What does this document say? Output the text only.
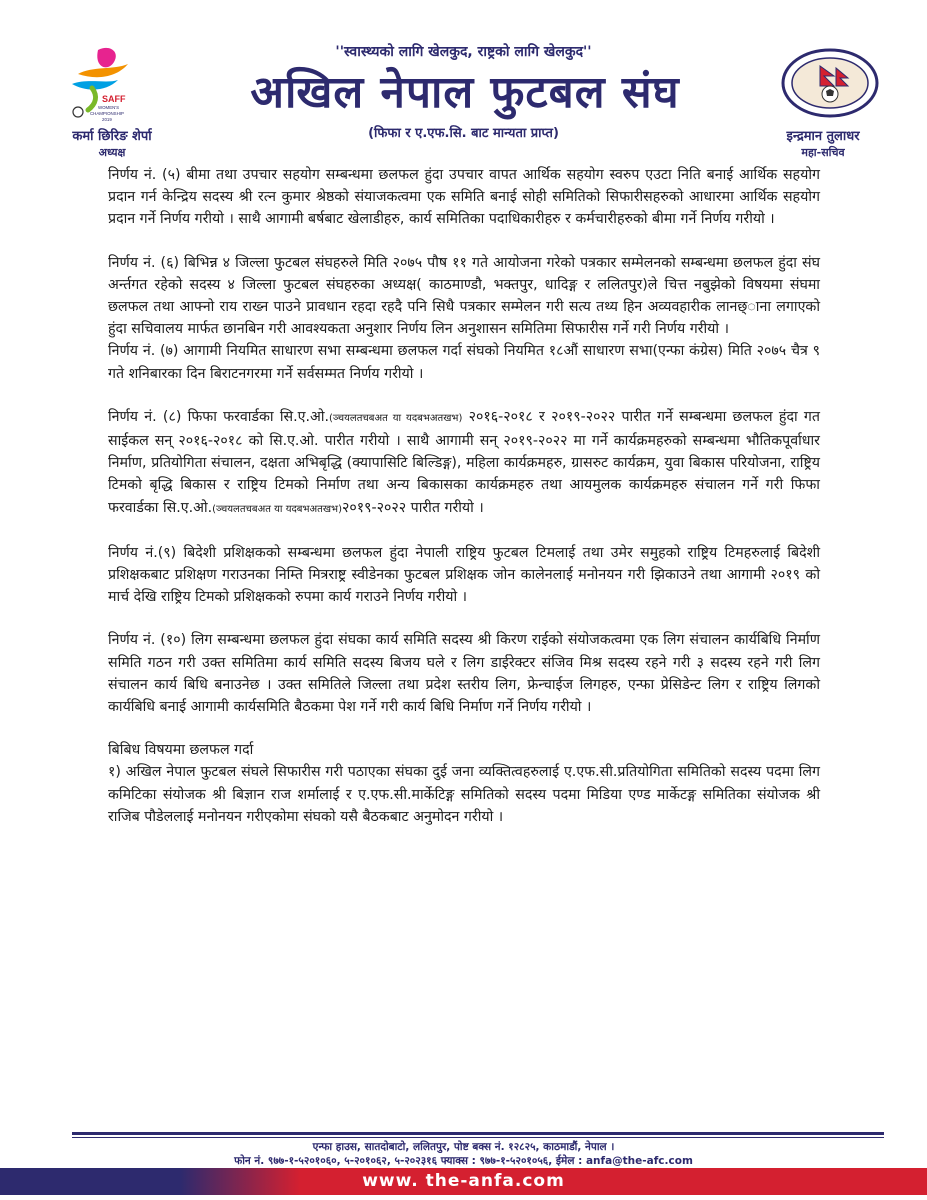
SAFF
WOMEN'S
CHAMPIONSHIP
2019
''स्वास्थ्यको लागि खेलकुद, राष्ट्रको लागि खेलकुद''
अखिल नेपाल फुटबल संघ
(फिफा र ए.एफ.सि. बाट मान्यता प्राप्त)
कर्मा छिरिङ शेर्पा
अध्यक्ष
इन्द्रमान तुलाधर
महा-सचिव

निर्णय नं. (५) बीमा तथा उपचार सहयोग सम्बन्धमा छलफल हुंदा उपचार वापत आर्थिक सहयोग स्वरुप एउटा निति बनाई आर्थिक सहयोग प्रदान गर्न केन्द्रिय सदस्य श्री रत्न कुमार श्रेष्ठको संयाजकत्वमा एक समिति बनाई सोही समितिको सिफारीसहरुको आधारमा आर्थिक सहयोग प्रदान गर्ने निर्णय गरीयो । साथै आगामी बर्षबाट खेलाडीहरु, कार्य समितिका पदाधिकारीहरु र कर्मचारीहरुको बीमा गर्ने निर्णय गरीयो ।

निर्णय नं. (६) बिभिन्न ४ जिल्ला फुटबल संघहरुले मिति २०७५ पौष ११ गते आयोजना गरेको पत्रकार सम्मेलनको सम्बन्धमा छलफल हुंदा संघ अर्न्तगत रहेको सदस्य ४ जिल्ला फुटबल संघहरुका अध्यक्ष( काठमाण्डौ, भक्तपुर, धादिङ्ग र ललितपुर)ले चित्त नबुझेको विषयमा संघमा छलफल तथा आफ्नो राय राख्न पाउने प्रावधान रहदा रहदै पनि सिधै पत्रकार सम्मेलन गरी सत्य तथ्य हिन अव्यवहारीक लानछ्ाना लगाएको हुंदा सचिवालय मार्फत छानबिन गरी आवश्यकता अनुशार निर्णय लिन अनुशासन समितिमा सिफारीस गर्ने गरी निर्णय गरीयो ।

निर्णय नं. (७) आगामी नियमित साधारण सभा सम्बन्धमा छलफल गर्दा संघको नियमित १८औं साधारण सभा(एन्फा कंग्रेस) मिति २०७५ चैत्र ९ गते शनिबारका दिन बिराटनगरमा गर्ने सर्वसम्मत निर्णय गरीयो ।

निर्णय नं. (८) फिफा फरवार्डका सि.ए.ओ.(ञ्चयलतचबअत या यदबभअतखभ) २०१६-२०१८ र २०१९-२०२२ पारीत गर्ने सम्बन्धमा छलफल हुंदा गत साईकल सन् २०१६-२०१८ को सि.ए.ओ. पारीत गरीयो । साथै आगामी सन् २०१९-२०२२ मा गर्ने कार्यक्रमहरुको सम्बन्धमा भौतिकपूर्वाधार निर्माण, प्रतियोगिता संचालन, दक्षता अभिबृद्धि (क्यापासिटि बिल्डिङ्ग), महिला कार्यक्रमहरु, ग्रासरुट कार्यक्रम, युवा बिकास परियोजना, राष्ट्रिय टिमको बृद्धि बिकास र राष्ट्रिय टिमको निर्माण तथा अन्य बिकासका कार्यक्रमहरु तथा आयमुलक कार्यक्रमहरु संचालन गर्ने गरी फिफा फरवार्डका सि.ए.ओ.(ञ्चयलतचबअत या यदबभअतखभ)२०१९-२०२२ पारीत गरीयो ।

निर्णय नं.(९) बिदेशी प्रशिक्षकको सम्बन्धमा छलफल हुंदा नेपाली राष्ट्रिय फुटबल टिमलाई तथा उमेर समुहको राष्ट्रिय टिमहरुलाई बिदेशी प्रशिक्षकबाट प्रशिक्षण गराउनका निम्ति मित्रराष्ट्र स्वीडेनका फुटबल प्रशिक्षक जोन कालेनलाई मनोनयन गरी झिकाउने तथा आगामी २०१९ को मार्च देखि राष्ट्रिय टिमको प्रशिक्षकको रुपमा कार्य गराउने निर्णय गरीयो ।

निर्णय नं. (१०) लिग सम्बन्धमा छलफल हुंदा संघका कार्य समिति सदस्य श्री किरण राईको संयोजकत्वमा एक लिग संचालन कार्यबिधि निर्माण समिति गठन गरी उक्त समितिमा कार्य समिति सदस्य बिजय घले र लिग डाईरेक्टर संजिव मिश्र सदस्य रहने गरी ३ सदस्य रहने गरी लिग संचालन कार्य बिधि बनाउनेछ । उक्त समितिले जिल्ला तथा प्रदेश स्तरीय लिग, फ्रेन्चाईज लिगहरु, एन्फा प्रेसिडेन्ट लिग र राष्ट्रिय लिगको कार्यबिधि बनाई आगामी कार्यसमिति बैठकमा पेश गर्ने गरी कार्य बिधि निर्माण गर्ने निर्णय गरीयो ।

बिबिध विषयमा छलफल गर्दा

१) अखिल नेपाल फुटबल संघले सिफारीस गरी पठाएका संघका दुई जना व्यक्तित्वहरुलाई ए.एफ.सी.प्रतियोगिता समितिको सदस्य पदमा लिग कमिटिका संयोजक श्री बिज्ञान राज शर्मालाई र ए.एफ.सी.मार्केटिङ्ग समितिको सदस्य पदमा मिडिया एण्ड मार्केटङ्ग समितिका संयोजक श्री राजिब पौडेललाई मनोनयन गरीएकोमा संघको यसै बैठकबाट अनुमोदन गरीयो ।

एन्फा हाउस, सातदोबाटो, ललितपुर, पोष्ट बक्स नं. १२८२५, काठमाडौं, नेपाल ।
फोन नं. ९७७-१-५२०१०६०, ५-२०१०६२, ५-२०२३१६ फ्याक्स : ९७७-१-५२०१०५६, ईमेल : anfa@the-afc.com
www. the-anfa.com
